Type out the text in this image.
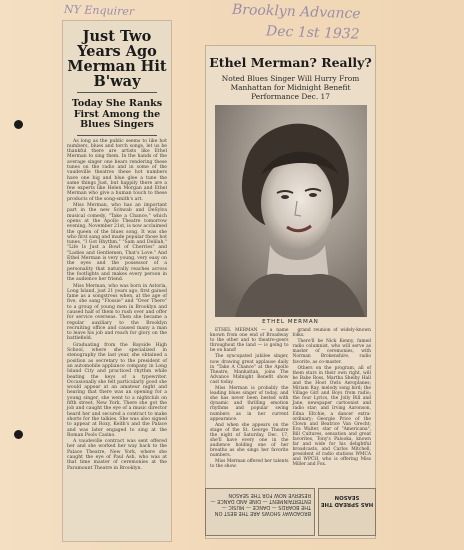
NY Enquirer	Brooklyn Advance
Dec 1st 1932
Just Two Years Ago Merman Hit B'way
Today She Ranks First Among the Blues Singers

As long as the public seems to like hot numbers, blues and torch songs, let us be thankful there are artists like Ethel Merman to sing them. In the hands of the average singer one hears rendering these tunes on the radio and in some of the vaudeville theatres these hot numbers have one big and blue glee a tune the same things Just, but happily there are a few experts like Helen Morgan and Ethel Merman who give a human touch to these products of the song-smith's art.

Miss Merman, who has an important part in the new Schwab and DeSylva musical comedy, "Take a Chance," which opens at the Apollo Theatre tomorrow evening, November 21st, is now acclaimed the queen of the blues song. It was she who first sang and made popular those hot tunes, "I Got Rhythm," "Sam and Delilah," "Life Is Just a Bowl of Cherries" and "Ladies and Gentlemen, That's Love." And Ethel Merman is very young, very easy on the eyes and the possessor of a personality that naturally reaches across the footlights and makes every person in the audience her friend.

Miss Merman, who was born in Astoria, Long Island, just 21 years ago, first gained fame as a songstress when, at the age of five, she sang "Flossie" and "Over There" to a group of young men in Brooklyn and caused half of them to rush over and offer for service overseas. Then she became a regular auxiliary to the Brooklyn recruiting office and caused many a man to leave his job and reach for glory on the battlefield.

Graduating from the Bayside High School, where she specialized in stenography the last year, she obtained a position as secretary to the president of an automobile appliance company in Long Island City and practiced rhythm while beating the keys of a typewriter. Occasionally she felt particularly good she would appear at an amateur night and hearing that there was an opening for a young singer, she went to a nightclub on fifth street, New York. There she got the job and caught the eye of a music director heard her and secured a contract to make shorts for the talkies. She was also signed to appear at Roxy, Keith's and the Palace and was later engaged to sing at the Roman Pools Casino.

A vaudeville contract was sent offered her and she worked her way back to the Palace Theatre, New York, where she caught the eye of Paul Ash, who was at that time master of ceremonies at the Paramount Theatre in Brooklyn.

Ethel Merman? Really?
Noted Blues Singer Will Hurry From Manhattan for Midnight Benefit Performance Dec. 17
ETHEL MERMAN

ETHEL MERMAN — a name known from one end of Broadway to the other and to theatre-goers throughout the land — is going to be on hand!

The syncopated jubilee singer, now drawing great applause daily in "Take A Chance" at the Apollo Theatre, Manhattan, joins The Advance Midnight Benefit show cast today.

Miss Merman is probably the leading blues singer of today, and she has never been bested with dynamic and thrilling emotion rhythms and popular swing numbers as in her current appearance.

And when she appears on the stage of the St. George Theatre the night of Saturday, Dec. 17, she'll have every one in the audience holding one of her breaths as she sings her favorite numbers.

Miss Merman offered her talents to the show.

grand reunion of widely-known folks.

There'll be Nick Kenny, famed radio columnist, who will serve as master of ceremonies, with Norman Brokenshire, radio favorite, as co-master.

Others on the program, all of them stars in their own right, will be Babe Ross, Martha Shelby Hall and the Hoot Owls Aeroplanes; Miriam Ray, melody song bird; the Village Girl and Boys from radio; the four Lyrics, the Jolly Bill and Jane, newspaper cartoonist and radio star; and Irving Aaronson, Edna Eltchie, a dancer extra-ordinary; Georgie Price of the Clown and Beatrice Van Grecht; Eva Walter, star of "Americana", Bill Cultures, sensation and great favorites, Tony's Palooka, known far and wide for his delightful broadcasts, and Carlos Mitchell, president of radio stations WMCA and WPCH, who is offering Miss Miller and Fox.

BROADWAY SHOWS ARE THE BEST ON THE BOARDS — DANCE — MUSIC — ENTERTAINMENT — DINE AND DANCE — RESERVE NOW FOR THE SEASON
HAS SPREAD THE SEASON
